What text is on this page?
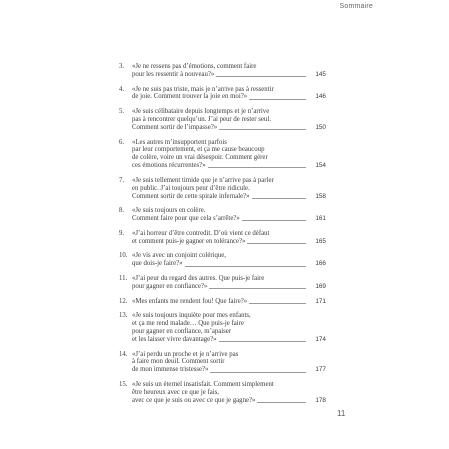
Sommaire
3.	«Je ne ressens pas d’émotions, comment faire
pour les ressentir à nouveau?»	145
4.	«Je ne suis pas triste, mais je n’arrive pas à ressentir
de joie. Comment trouver la joie en moi?»	146
5.	«Je suis célibataire depuis longtemps et je n’arrive
pas à rencontrer quelqu’un. J’ai peur de rester seul.
Comment sortir de l’impasse?»	150
6.	«Les autres m’insupportent parfois
par leur comportement, et ça me cause beaucoup
de colère, voire un vrai désespoir. Comment gérer
ces émotions récurrentes?»	154
7.	«Je suis tellement timide que je n’arrive pas à parler
en public. J’ai toujours peur d’être ridicule.
Comment sortir de cette spirale infernale?»	158
8.	«Je suis toujours en colère.
Comment faire pour que cela s’arrête?»	161
9.	«J’ai horreur d’être contredit. D’où vient ce défaut
et comment puis-je gagner en tolérance?»	165
10. «Je vis avec un conjoint colérique,
que dois-je faire?»	166
11. «J’ai peur du regard des autres. Que puis-je faire
pour gagner en confiance?»	169
12. «Mes enfants me rendent fou! Que faire?»	171
13. «Je suis toujours inquiète pour mes enfants,
et ça me rend malade… Que puis-je faire
pour gagner en confiance, m’apaiser
et les laisser vivre davantage?»	174
14. «J’ai perdu un proche et je n’arrive pas
à faire mon deuil. Comment sortir
de mon immense tristesse?»	177
15. «Je suis un éternel insatisfait. Comment simplement
être heureux avec ce que je fais,
avec ce que je suis ou avec ce que je gagne?»	178
11
